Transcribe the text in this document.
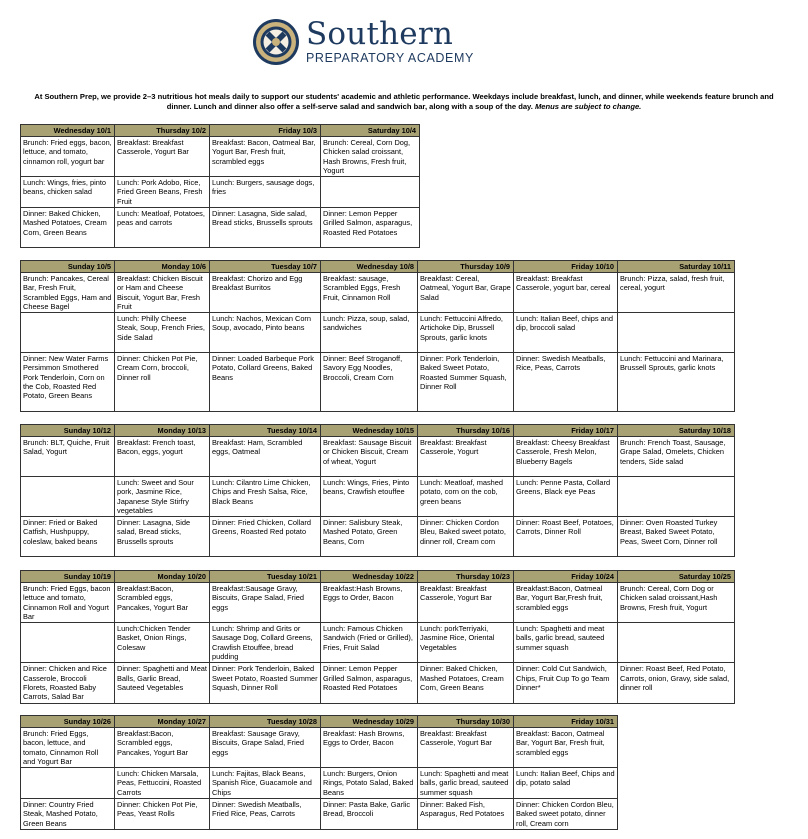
Southern
PREPARATORY ACADEMY
At Southern Prep, we provide 2–3 nutritious hot meals daily to support our students' academic and athletic performance. Weekdays include breakfast, lunch, and dinner, while weekends feature brunch and dinner. Lunch and dinner also offer a self-serve salad and sandwich bar, along with a soup of the day. Menus are subject to change.
Wednesday 10/1	Thursday 10/2	Friday 10/3	Saturday 10/4
Brunch: Fried eggs, bacon, lettuce, and tomato, cinnamon roll, yogurt bar	Breakfast: Breakfast Casserole, Yogurt Bar	Breakfast: Bacon, Oatmeal Bar, Yogurt Bar, Fresh fruit, scrambled eggs	Brunch: Cereal, Corn Dog, Chicken salad croissant, Hash Browns, Fresh fruit, Yogurt
Lunch: Wings, fries, pinto beans, chicken salad	Lunch: Pork Adobo, Rice, Fried Green Beans, Fresh Fruit	Lunch: Burgers, sausage dogs, fries	
Dinner: Baked Chicken, Mashed Potatoes, Cream Corn, Green Beans	Lunch: Meatloaf, Potatoes, peas and carrots	Dinner: Lasagna, Side salad, Bread sticks, Brussells sprouts	Dinner: Lemon Pepper Grilled Salmon, asparagus, Roasted Red Potatoes
Sunday 10/5	Monday 10/6	Tuesday 10/7	Wednesday 10/8	Thursday 10/9	Friday 10/10	Saturday 10/11
Brunch: Pancakes, Cereal Bar, Fresh Fruit, Scrambled Eggs, Ham and Cheese Bagel	Breakfast: Chicken Biscuit or Ham and Cheese Biscuit, Yogurt Bar, Fresh Fruit	Breakfast: Chorizo and Egg Breakfast Burritos	Breakfast: sausage, Scrambled Eggs, Fresh Fruit, Cinnamon Roll	Breakfast: Cereal, Oatmeal, Yogurt Bar, Grape Salad	Breakfast: Breakfast Casserole, yogurt bar, cereal	Brunch: Pizza, salad, fresh fruit, cereal, yogurt
	Lunch: Philly Cheese Steak, Soup, French Fries, Side Salad	Lunch: Nachos, Mexican Corn Soup, avocado, Pinto beans	Lunch: Pizza, soup, salad, sandwiches	Lunch: Fettuccini Alfredo, Artichoke Dip, Brussell Sprouts, garlic knots	Lunch: Italian Beef, chips and dip, broccoli salad	
Dinner: New Water Farms Persimmon Smothered Pork Tenderloin, Corn on the Cob, Roasted Red Potato, Green Beans	Dinner: Chicken Pot Pie, Cream Corn, broccoli, Dinner roll	Dinner: Loaded Barbeque Pork Potato, Collard Greens, Baked Beans	Dinner: Beef Stroganoff, Savory Egg Noodles, Broccoli, Cream Corn	Dinner: Pork Tenderloin, Baked Sweet Potato, Roasted Summer Squash, Dinner Roll	Dinner: Swedish Meatballs, Rice, Peas, Carrots	Lunch: Fettuccini and Marinara, Brussell Sprouts, garlic knots
Sunday 10/12	Monday 10/13	Tuesday 10/14	Wednesday 10/15	Thursday 10/16	Friday 10/17	Saturday 10/18
Brunch: BLT, Quiche, Fruit Salad, Yogurt	Breakfast: French toast, Bacon, eggs, yogurt	Breakfast: Ham, Scrambled eggs, Oatmeal	Breakfast: Sausage Biscuit or Chicken Biscuit, Cream of wheat, Yogurt	Breakfast: Breakfast Casserole, Yogurt	Breakfast: Cheesy Breakfast Casserole, Fresh Melon, Blueberry Bagels	Brunch: French Toast, Sausage, Grape Salad, Omelets, Chicken tenders, Side salad
	Lunch: Sweet and Sour pork, Jasmine Rice, Japanese Style Stirfry vegetables	Lunch: Cilantro Lime Chicken, Chips and Fresh Salsa, Rice, Black Beans	Lunch: Wings, Fries, Pinto beans, Crawfish etouffee	Lunch: Meatloaf, mashed potato, corn on the cob, green beans	Lunch: Penne Pasta, Collard Greens, Black eye Peas	
Dinner: Fried or Baked Catfish, Hushpuppy, coleslaw, baked beans	Dinner: Lasagna, Side salad, Bread sticks, Brussells sprouts	Dinner: Fried Chicken, Collard Greens, Roasted Red potato	Dinner: Salisbury Steak, Mashed Potato, Green Beans, Corn	Dinner: Chicken Cordon Bleu, Baked sweet potato, dinner roll, Cream corn	Dinner: Roast Beef, Potatoes, Carrots, Dinner Roll	Dinner: Oven Roasted Turkey Breast, Baked Sweet Potato, Peas, Sweet Corn, Dinner roll
Sunday 10/19	Monday 10/20	Tuesday 10/21	Wednesday 10/22	Thursday 10/23	Friday 10/24	Saturday 10/25
Brunch: Fried Eggs, bacon lettuce and tomato, Cinnamon Roll and Yogurt Bar	Breakfast:Bacon, Scrambled eggs, Pancakes, Yogurt Bar	Breakfast:Sausage Gravy, Biscuits, Grape Salad, Fried eggs	Breakfast:Hash Browns, Eggs to Order, Bacon	Breakfast: Breakfast Casserole, Yogurt Bar	Breakfast:Bacon, Oatmeal Bar, Yogurt Bar,Fresh fruit, scrambled eggs	Brunch: Cereal, Corn Dog or Chicken salad croissant,Hash Browns, Fresh fruit, Yogurt
	Lunch:Chicken Tender Basket, Onion Rings, Colesaw	Lunch: Shrimp and Grits or Sausage Dog, Collard Greens, Crawfish Etouffee, bread pudding	Lunch: Famous Chicken Sandwich (Fried or Grilled), Fries, Fruit Salad	Lunch: porkTerriyaki, Jasmine Rice, Oriental Vegetables	Lunch: Spaghetti and meat balls, garlic bread, sauteed summer squash	
Dinner: Chicken and Rice Casserole, Broccoli Florets, Roasted Baby Carrots, Salad Bar	Dinner: Spaghetti and Meat Balls, Garlic Bread, Sauteed Vegetables	Dinner: Pork Tenderloin, Baked Sweet Potato, Roasted Summer Squash, Dinner Roll	Dinner: Lemon Pepper Grilled Salmon, asparagus, Roasted Red Potatoes	Dinner: Baked Chicken, Mashed Potatoes, Cream Corn, Green Beans	Dinner: Cold Cut Sandwich, Chips, Fruit Cup To go Team Dinner*	Dinner: Roast Beef, Red Potato, Carrots, onion, Gravy, side salad, dinner roll
Sunday 10/26	Monday 10/27	Tuesday 10/28	Wednesday 10/29	Thursday 10/30	Friday 10/31
Brunch: Fried Eggs, bacon, lettuce, and tomato, Cinnamon Roll and Yogurt Bar	Breakfast:Bacon, Scrambled eggs, Pancakes, Yogurt Bar	Breakfast: Sausage Gravy, Biscuits, Grape Salad, Fried eggs	Breakfast: Hash Browns, Eggs to Order, Bacon	Breakfast: Breakfast Casserole, Yogurt Bar	Breakfast: Bacon, Oatmeal Bar, Yogurt Bar, Fresh fruit, scrambled eggs
	Lunch: Chicken Marsala, Peas, Fettuccini, Roasted Carrots	Lunch: Fajitas, Black Beans, Spanish Rice, Guacamole and Chips	Lunch: Burgers, Onion Rings, Potato Salad, Baked Beans	Lunch: Spaghetti and meat balls, garlic bread, sauteed summer squash	Lunch: Italian Beef, Chips and dip, potato salad
Dinner: Country Fried Steak, Mashed Potato, Green Beans	Dinner: Chicken Pot Pie, Peas, Yeast Rolls	Dinner: Swedish Meatballs, Fried Rice, Peas, Carrots	Dinner: Pasta Bake, Garlic Bread, Broccoli	Dinner: Baked Fish, Asparagus, Red Potatoes	Dinner: Chicken Cordon Bleu, Baked sweet potato, dinner roll, Cream corn
